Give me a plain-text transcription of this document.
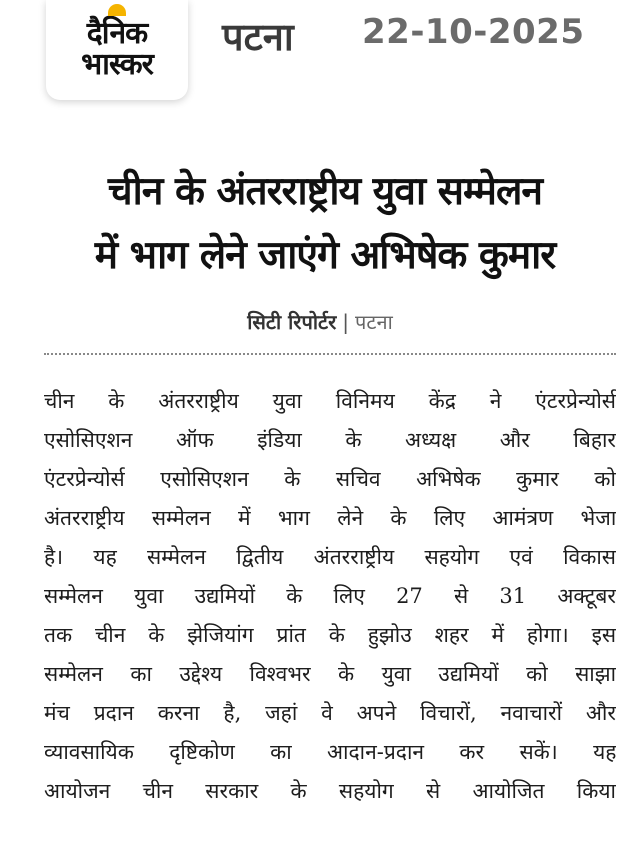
दैनिक
भास्कर
पटना 22-10-2025
चीन के अंतरराष्ट्रीय युवा सम्मेलन
में भाग लेने जाएंगे अभिषेक कुमार
सिटी रिपोर्टर | पटना
चीन के अंतरराष्ट्रीय युवा विनिमय केंद्र ने एंटरप्रेन्योर्स
एसोसिएशन ऑफ इंडिया के अध्यक्ष और बिहार
एंटरप्रेन्योर्स एसोसिएशन के सचिव अभिषेक कुमार को
अंतरराष्ट्रीय सम्मेलन में भाग लेने के लिए आमंत्रण भेजा
है। यह सम्मेलन द्वितीय अंतरराष्ट्रीय सहयोग एवं विकास
सम्मेलन युवा उद्यमियों के लिए 27 से 31 अक्टूबर
तक चीन के झेजियांग प्रांत के हुझोउ शहर में होगा। इस
सम्मेलन का उद्देश्य विश्वभर के युवा उद्यमियों को साझा
मंच प्रदान करना है, जहां वे अपने विचारों, नवाचारों और
व्यावसायिक दृष्टिकोण का आदान-प्रदान कर सकें। यह
आयोजन चीन सरकार के सहयोग से आयोजित किया
